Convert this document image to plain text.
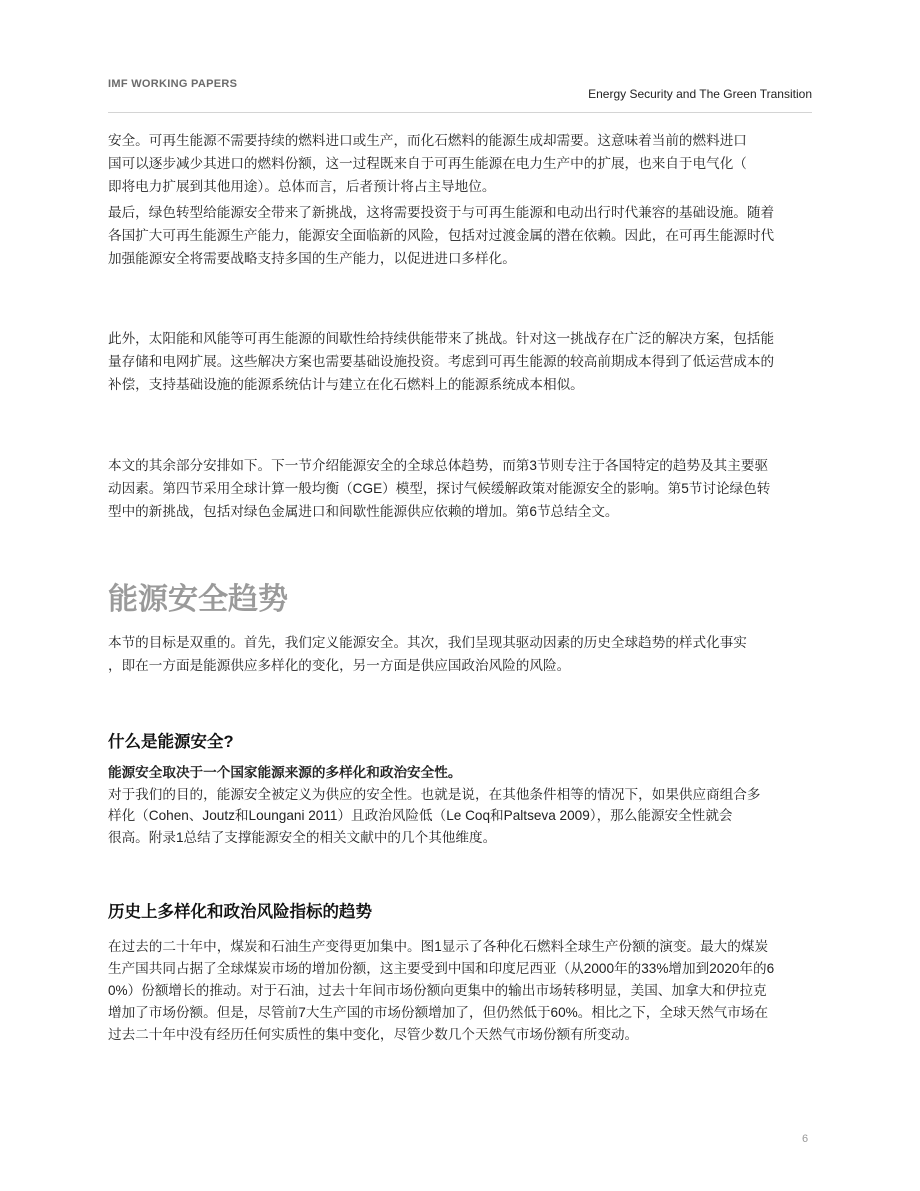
IMF WORKING PAPERS
Energy Security and The Green Transition
安全。可再生能源不需要持续的燃料进口或生产，而化石燃料的能源生成却需要。这意味着当前的燃料进口
国可以逐步减少其进口的燃料份额，这一过程既来自于可再生能源在电力生产中的扩展，也来自于电气化（
即将电力扩展到其他用途）。总体而言，后者预计将占主导地位。
最后，绿色转型给能源安全带来了新挑战，这将需要投资于与可再生能源和电动出行时代兼容的基础设施。随着
各国扩大可再生能源生产能力，能源安全面临新的风险，包括对过渡金属的潜在依赖。因此，在可再生能源时代
加强能源安全将需要战略支持多国的生产能力，以促进进口多样化。
此外，太阳能和风能等可再生能源的间歇性给持续供能带来了挑战。针对这一挑战存在广泛的解决方案，包括能
量存储和电网扩展。这些解决方案也需要基础设施投资。考虑到可再生能源的较高前期成本得到了低运营成本的
补偿，支持基础设施的能源系统估计与建立在化石燃料上的能源系统成本相似。
本文的其余部分安排如下。下一节介绍能源安全的全球总体趋势，而第3节则专注于各国特定的趋势及其主要驱
动因素。第四节采用全球计算一般均衡（CGE）模型，探讨气候缓解政策对能源安全的影响。第5节讨论绿色转
型中的新挑战，包括对绿色金属进口和间歇性能源供应依赖的增加。第6节总结全文。
能源安全趋势
本节的目标是双重的。首先，我们定义能源安全。其次，我们呈现其驱动因素的历史全球趋势的样式化事实
，即在一方面是能源供应多样化的变化，另一方面是供应国政治风险的风险。
什么是能源安全?
能源安全取决于一个国家能源来源的多样化和政治安全性。
对于我们的目的，能源安全被定义为供应的安全性。也就是说，在其他条件相等的情况下，如果供应商组合多
样化（Cohen、Joutz和Loungani 2011）且政治风险低（Le Coq和Paltseva 2009），那么能源安全性就会
很高。附录1总结了支撑能源安全的相关文献中的几个其他维度。
历史上多样化和政治风险指标的趋势
在过去的二十年中，煤炭和石油生产变得更加集中。图1显示了各种化石燃料全球生产份额的演变。最大的煤炭
生产国共同占据了全球煤炭市场的增加份额，这主要受到中国和印度尼西亚（从2000年的33%增加到2020年的6
0%）份额增长的推动。对于石油，过去十年间市场份额向更集中的输出市场转移明显，美国、加拿大和伊拉克
增加了市场份额。但是，尽管前7大生产国的市场份额增加了，但仍然低于60%。相比之下，全球天然气市场在
过去二十年中没有经历任何实质性的集中变化，尽管少数几个天然气市场份额有所变动。
6
